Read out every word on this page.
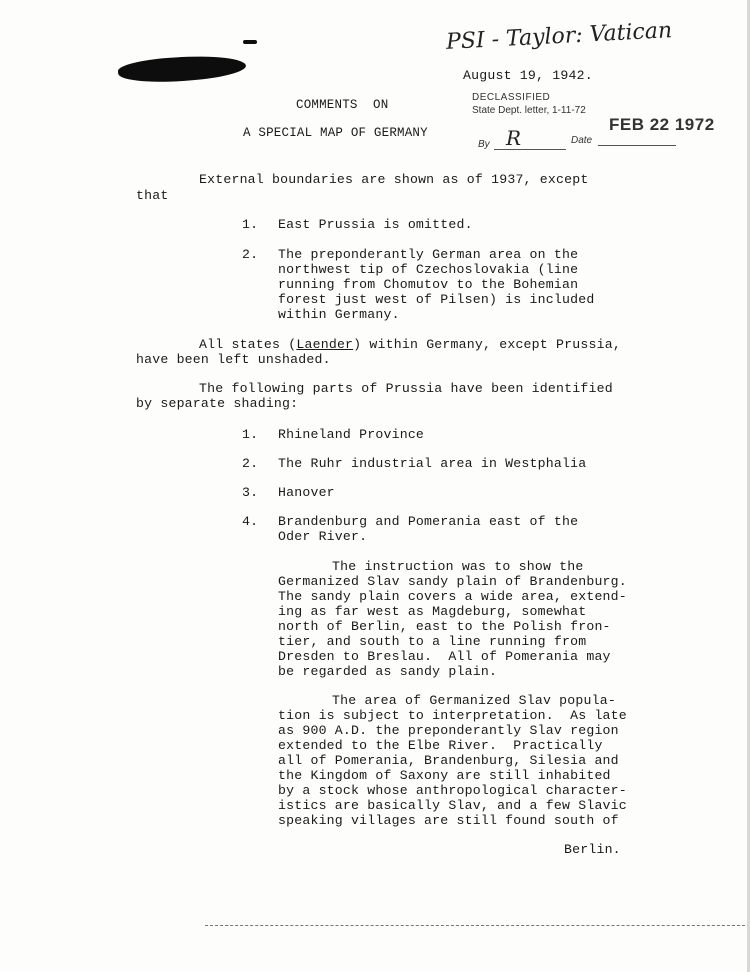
PSI - Taylor: Vatican
August 19, 1942.
DECLASSIFIED
State Dept. letter, 1-11-72
FEB 22 1972
By R	Date
COMMENTS  ON
A SPECIAL MAP OF GERMANY
External boundaries are shown as of 1937, except
that
1. East Prussia is omitted.
2. The preponderantly German area on the
northwest tip of Czechoslovakia (line
running from Chomutov to the Bohemian
forest just west of Pilsen) is included
within Germany.
All states (Laender) within Germany, except Prussia,
have been left unshaded.
The following parts of Prussia have been identified
by separate shading:
1. Rhineland Province
2. The Ruhr industrial area in Westphalia
3. Hanover
4. Brandenburg and Pomerania east of the
Oder River.
The instruction was to show the
Germanized Slav sandy plain of Brandenburg.
The sandy plain covers a wide area, extend-
ing as far west as Magdeburg, somewhat
north of Berlin, east to the Polish fron-
tier, and south to a line running from
Dresden to Breslau.  All of Pomerania may
be regarded as sandy plain.
The area of Germanized Slav popula-
tion is subject to interpretation.  As late
as 900 A.D. the preponderantly Slav region
extended to the Elbe River.  Practically
all of Pomerania, Brandenburg, Silesia and
the Kingdom of Saxony are still inhabited
by a stock whose anthropological character-
istics are basically Slav, and a few Slavic
speaking villages are still found south of
Berlin.
